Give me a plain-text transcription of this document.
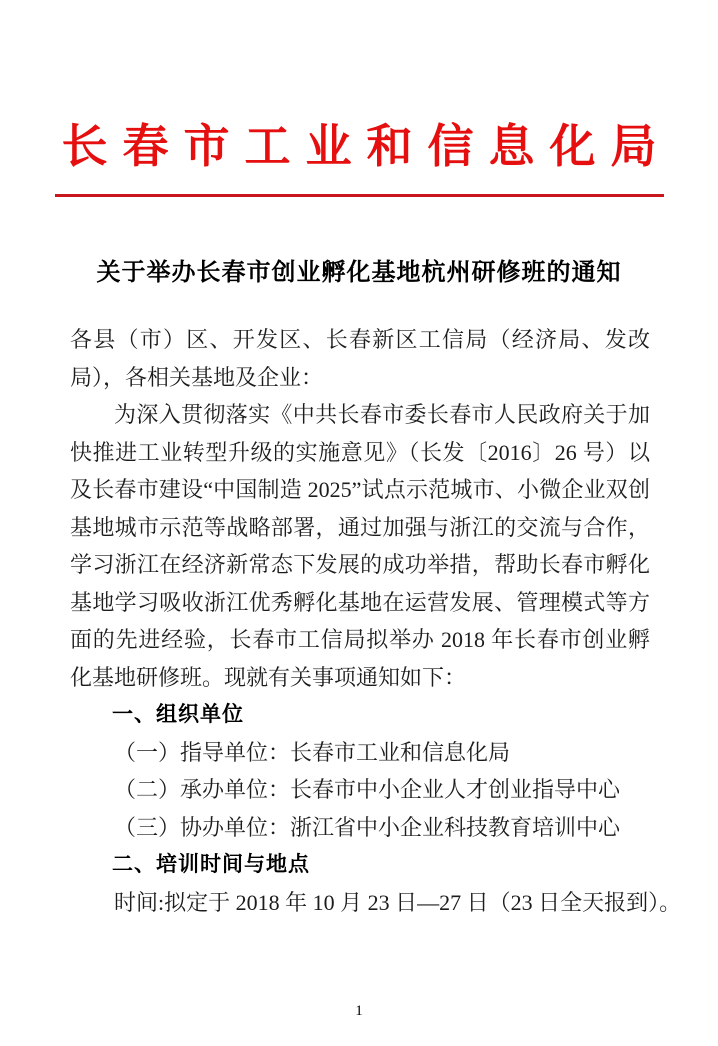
长春市工业和信息化局
关于举办长春市创业孵化基地杭州研修班的通知

各县（市）区、开发区、长春新区工信局（经济局、发改局），各相关基地及企业：

为深入贯彻落实《中共长春市委长春市人民政府关于加快推进工业转型升级的实施意见》（长发〔2016〕26 号）以及长春市建设“中国制造 2025”试点示范城市、小微企业双创基地城市示范等战略部署，通过加强与浙江的交流与合作，学习浙江在经济新常态下发展的成功举措，帮助长春市孵化基地学习吸收浙江优秀孵化基地在运营发展、管理模式等方面的先进经验，长春市工信局拟举办 2018 年长春市创业孵化基地研修班。现就有关事项通知如下：

一、组织单位

（一）指导单位：长春市工业和信息化局

（二）承办单位：长春市中小企业人才创业指导中心

（三）协办单位：浙江省中小企业科技教育培训中心

二、培训时间与地点

时间:拟定于 2018 年 10 月 23 日—27 日（23 日全天报到）。

1
